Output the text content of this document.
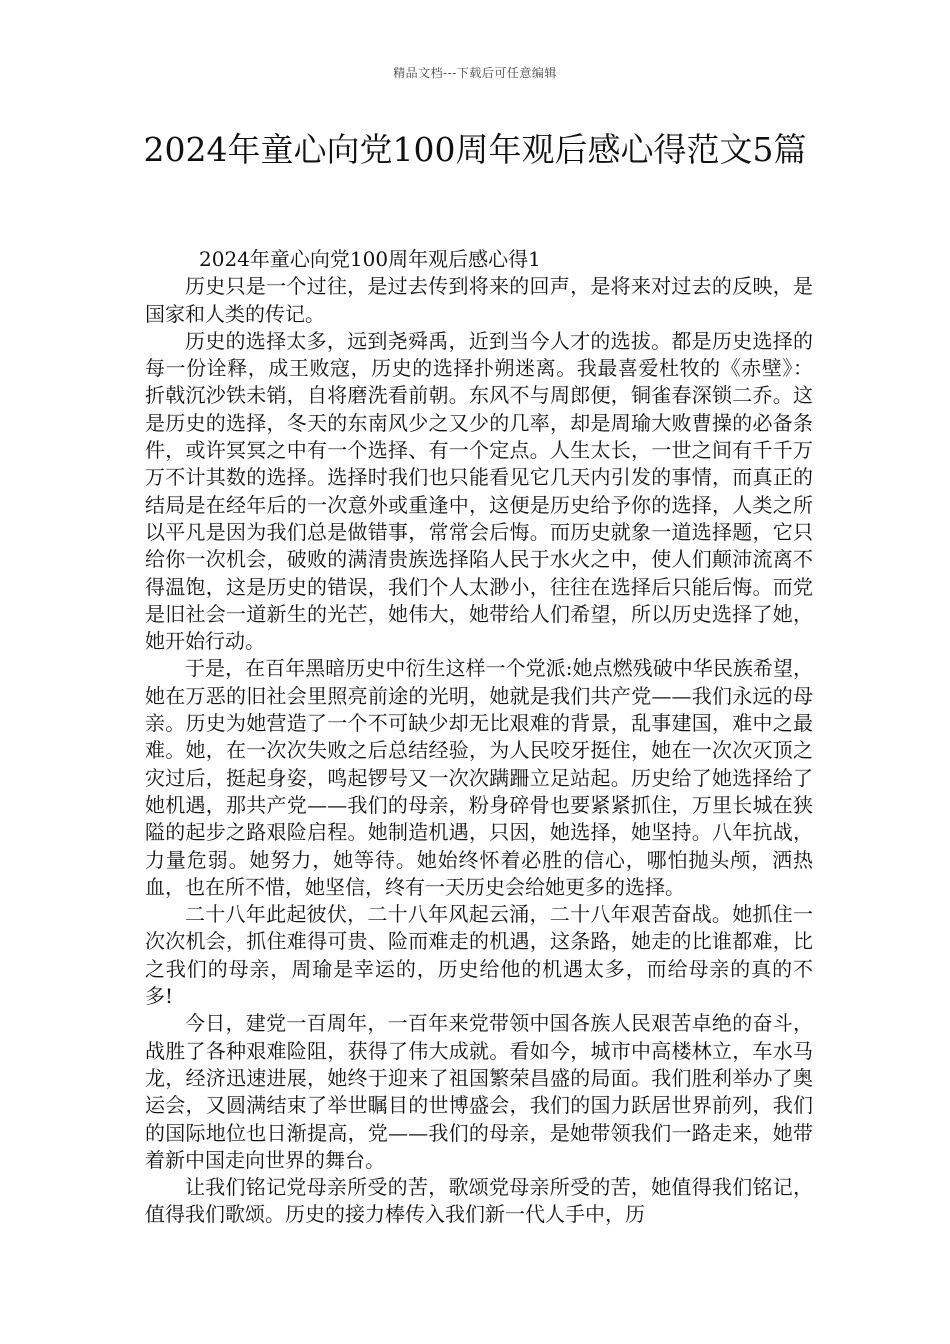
精品文档---下载后可任意编辑
2024年童心向党100周年观后感心得范文5篇

2024年童心向党100周年观后感心得1

历史只是一个过往，是过去传到将来的回声，是将来对过去的反映，是国家和人类的传记。

历史的选择太多，远到尧舜禹，近到当今人才的选拔。都是历史选择的每一份诠释，成王败寇，历史的选择扑朔迷离。我最喜爱杜牧的《赤壁》：折戟沉沙铁未销，自将磨洗看前朝。东风不与周郎便，铜雀春深锁二乔。这是历史的选择，冬天的东南风少之又少的几率，却是周瑜大败曹操的必备条件，或许冥冥之中有一个选择、有一个定点。人生太长，一世之间有千千万万不计其数的选择。选择时我们也只能看见它几天内引发的事情，而真正的结局是在经年后的一次意外或重逢中，这便是历史给予你的选择，人类之所以平凡是因为我们总是做错事，常常会后悔。而历史就象一道选择题，它只给你一次机会，破败的满清贵族选择陷人民于水火之中，使人们颠沛流离不得温饱，这是历史的错误，我们个人太渺小，往往在选择后只能后悔。而党是旧社会一道新生的光芒，她伟大，她带给人们希望，所以历史选择了她，她开始行动。

于是，在百年黑暗历史中衍生这样一个党派:她点燃残破中华民族希望，她在万恶的旧社会里照亮前途的光明，她就是我们共产党——我们永远的母亲。历史为她营造了一个不可缺少却无比艰难的背景，乱事建国，难中之最难。她，在一次次失败之后总结经验，为人民咬牙挺住，她在一次次灭顶之灾过后，挺起身姿，鸣起锣号又一次次蹒跚立足站起。历史给了她选择给了她机遇，那共产党——我们的母亲，粉身碎骨也要紧紧抓住，万里长城在狭隘的起步之路艰险启程。她制造机遇，只因，她选择，她坚持。八年抗战，力量危弱。她努力，她等待。她始终怀着必胜的信心，哪怕抛头颅，洒热血，也在所不惜，她坚信，终有一天历史会给她更多的选择。

二十八年此起彼伏，二十八年风起云涌，二十八年艰苦奋战。她抓住一次次机会，抓住难得可贵、险而难走的机遇，这条路，她走的比谁都难，比之我们的母亲，周瑜是幸运的，历史给他的机遇太多，而给母亲的真的不多!

今日，建党一百周年，一百年来党带领中国各族人民艰苦卓绝的奋斗，战胜了各种艰难险阻，获得了伟大成就。看如今，城市中高楼林立，车水马龙，经济迅速进展，她终于迎来了祖国繁荣昌盛的局面。我们胜利举办了奥运会，又圆满结束了举世瞩目的世博盛会，我们的国力跃居世界前列，我们的国际地位也日渐提高，党——我们的母亲，是她带领我们一路走来，她带着新中国走向世界的舞台。

让我们铭记党母亲所受的苦，歌颂党母亲所受的苦，她值得我们铭记，值得我们歌颂。历史的接力棒传入我们新一代人手中，历
